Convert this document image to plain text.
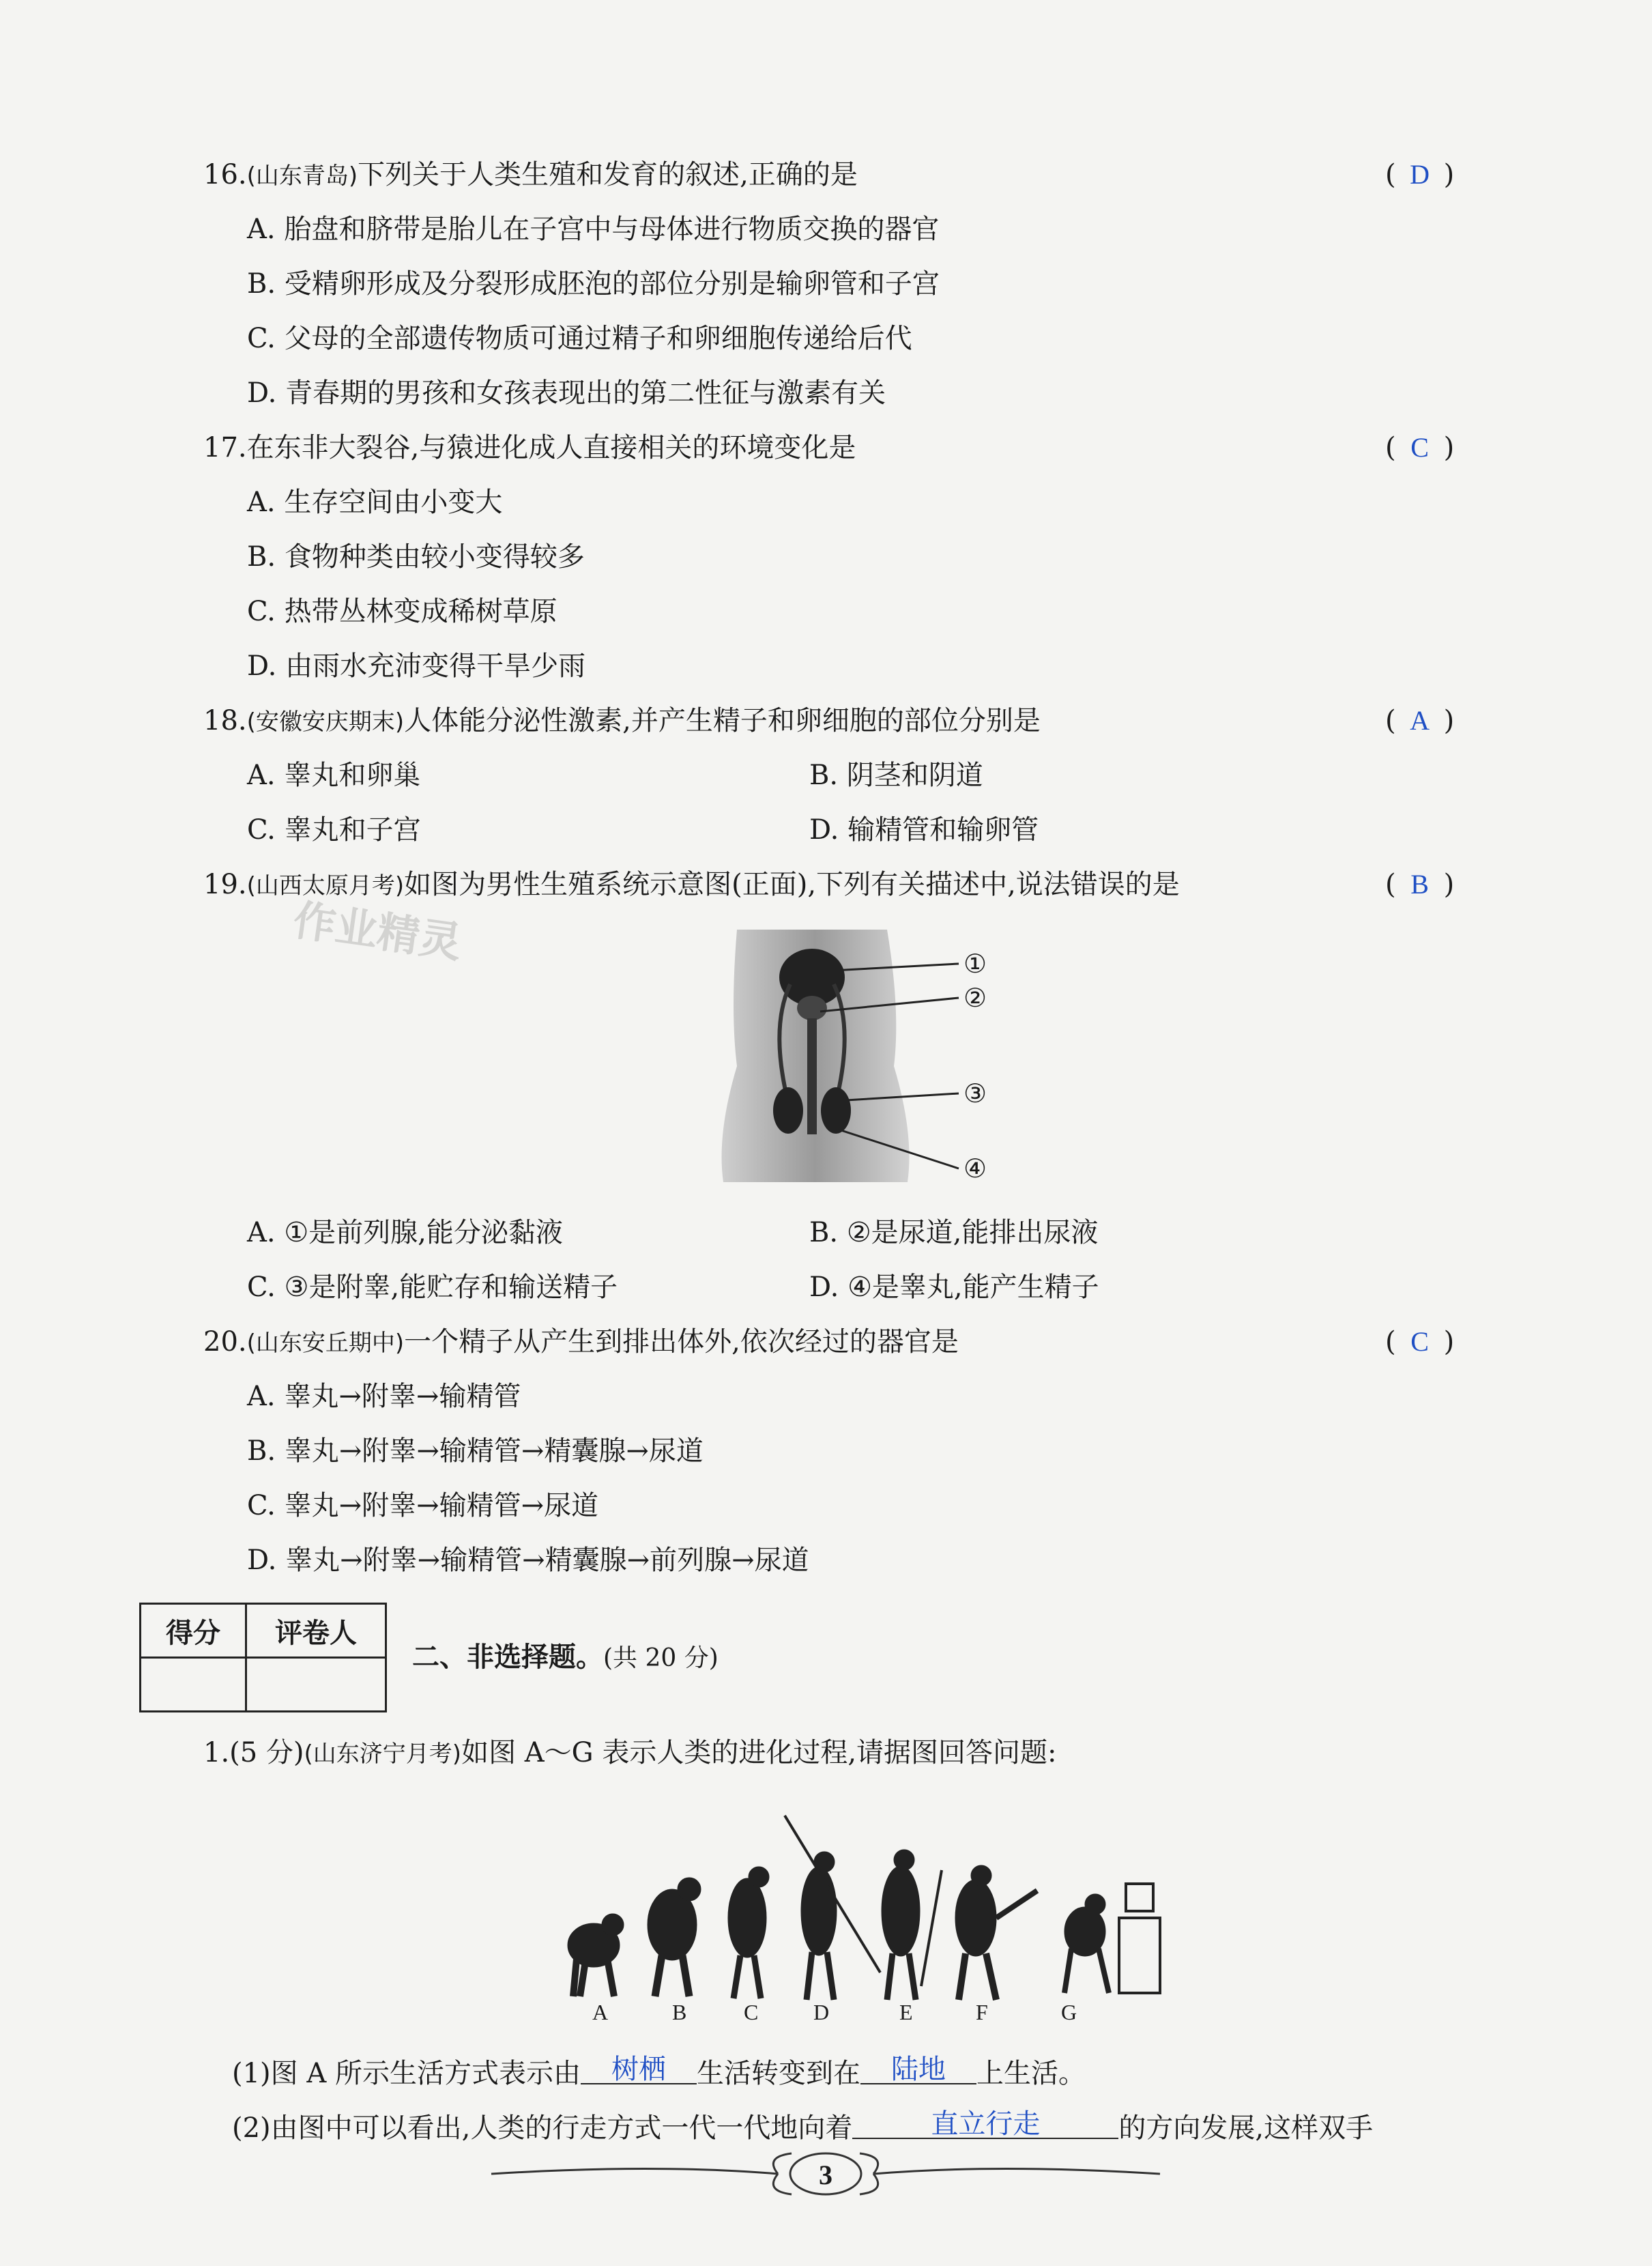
16.(山东青岛)下列关于人类生殖和发育的叙述,正确的是	( D )
A. 胎盘和脐带是胎儿在子宫中与母体进行物质交换的器官
B. 受精卵形成及分裂形成胚泡的部位分别是输卵管和子宫
C. 父母的全部遗传物质可通过精子和卵细胞传递给后代
D. 青春期的男孩和女孩表现出的第二性征与激素有关
17.在东非大裂谷,与猿进化成人直接相关的环境变化是	( C )
A. 生存空间由小变大
B. 食物种类由较小变得较多
C. 热带丛林变成稀树草原
D. 由雨水充沛变得干旱少雨
18.(安徽安庆期末)人体能分泌性激素,并产生精子和卵细胞的部位分别是	( A )
A. 睾丸和卵巢	B. 阴茎和阴道
C. 睾丸和子宫	D. 输精管和输卵管
19.(山西太原月考)如图为男性生殖系统示意图(正面),下列有关描述中,说法错误的是	( B )
作业精灵	①
②
③
④
A. ①是前列腺,能分泌黏液	B. ②是尿道,能排出尿液
C. ③是附睾,能贮存和输送精子	D. ④是睾丸,能产生精子
20.(山东安丘期中)一个精子从产生到排出体外,依次经过的器官是	( C )
A. 睾丸→附睾→输精管
B. 睾丸→附睾→输精管→精囊腺→尿道
C. 睾丸→附睾→输精管→尿道
D. 睾丸→附睾→输精管→精囊腺→前列腺→尿道
得分	评卷人

二、非选择题。(共 20 分)
1.(5 分)(山东济宁月考)如图 A～G 表示人类的进化过程,请据图回答问题:
A	B	C	D	E	F	G
(1)图 A 所示生活方式表示由 树栖 生活转变到在 陆地 上生活。
(2)由图中可以看出,人类的行走方式一代一代地向着	直立行走	的方向发展,这样双手
3
